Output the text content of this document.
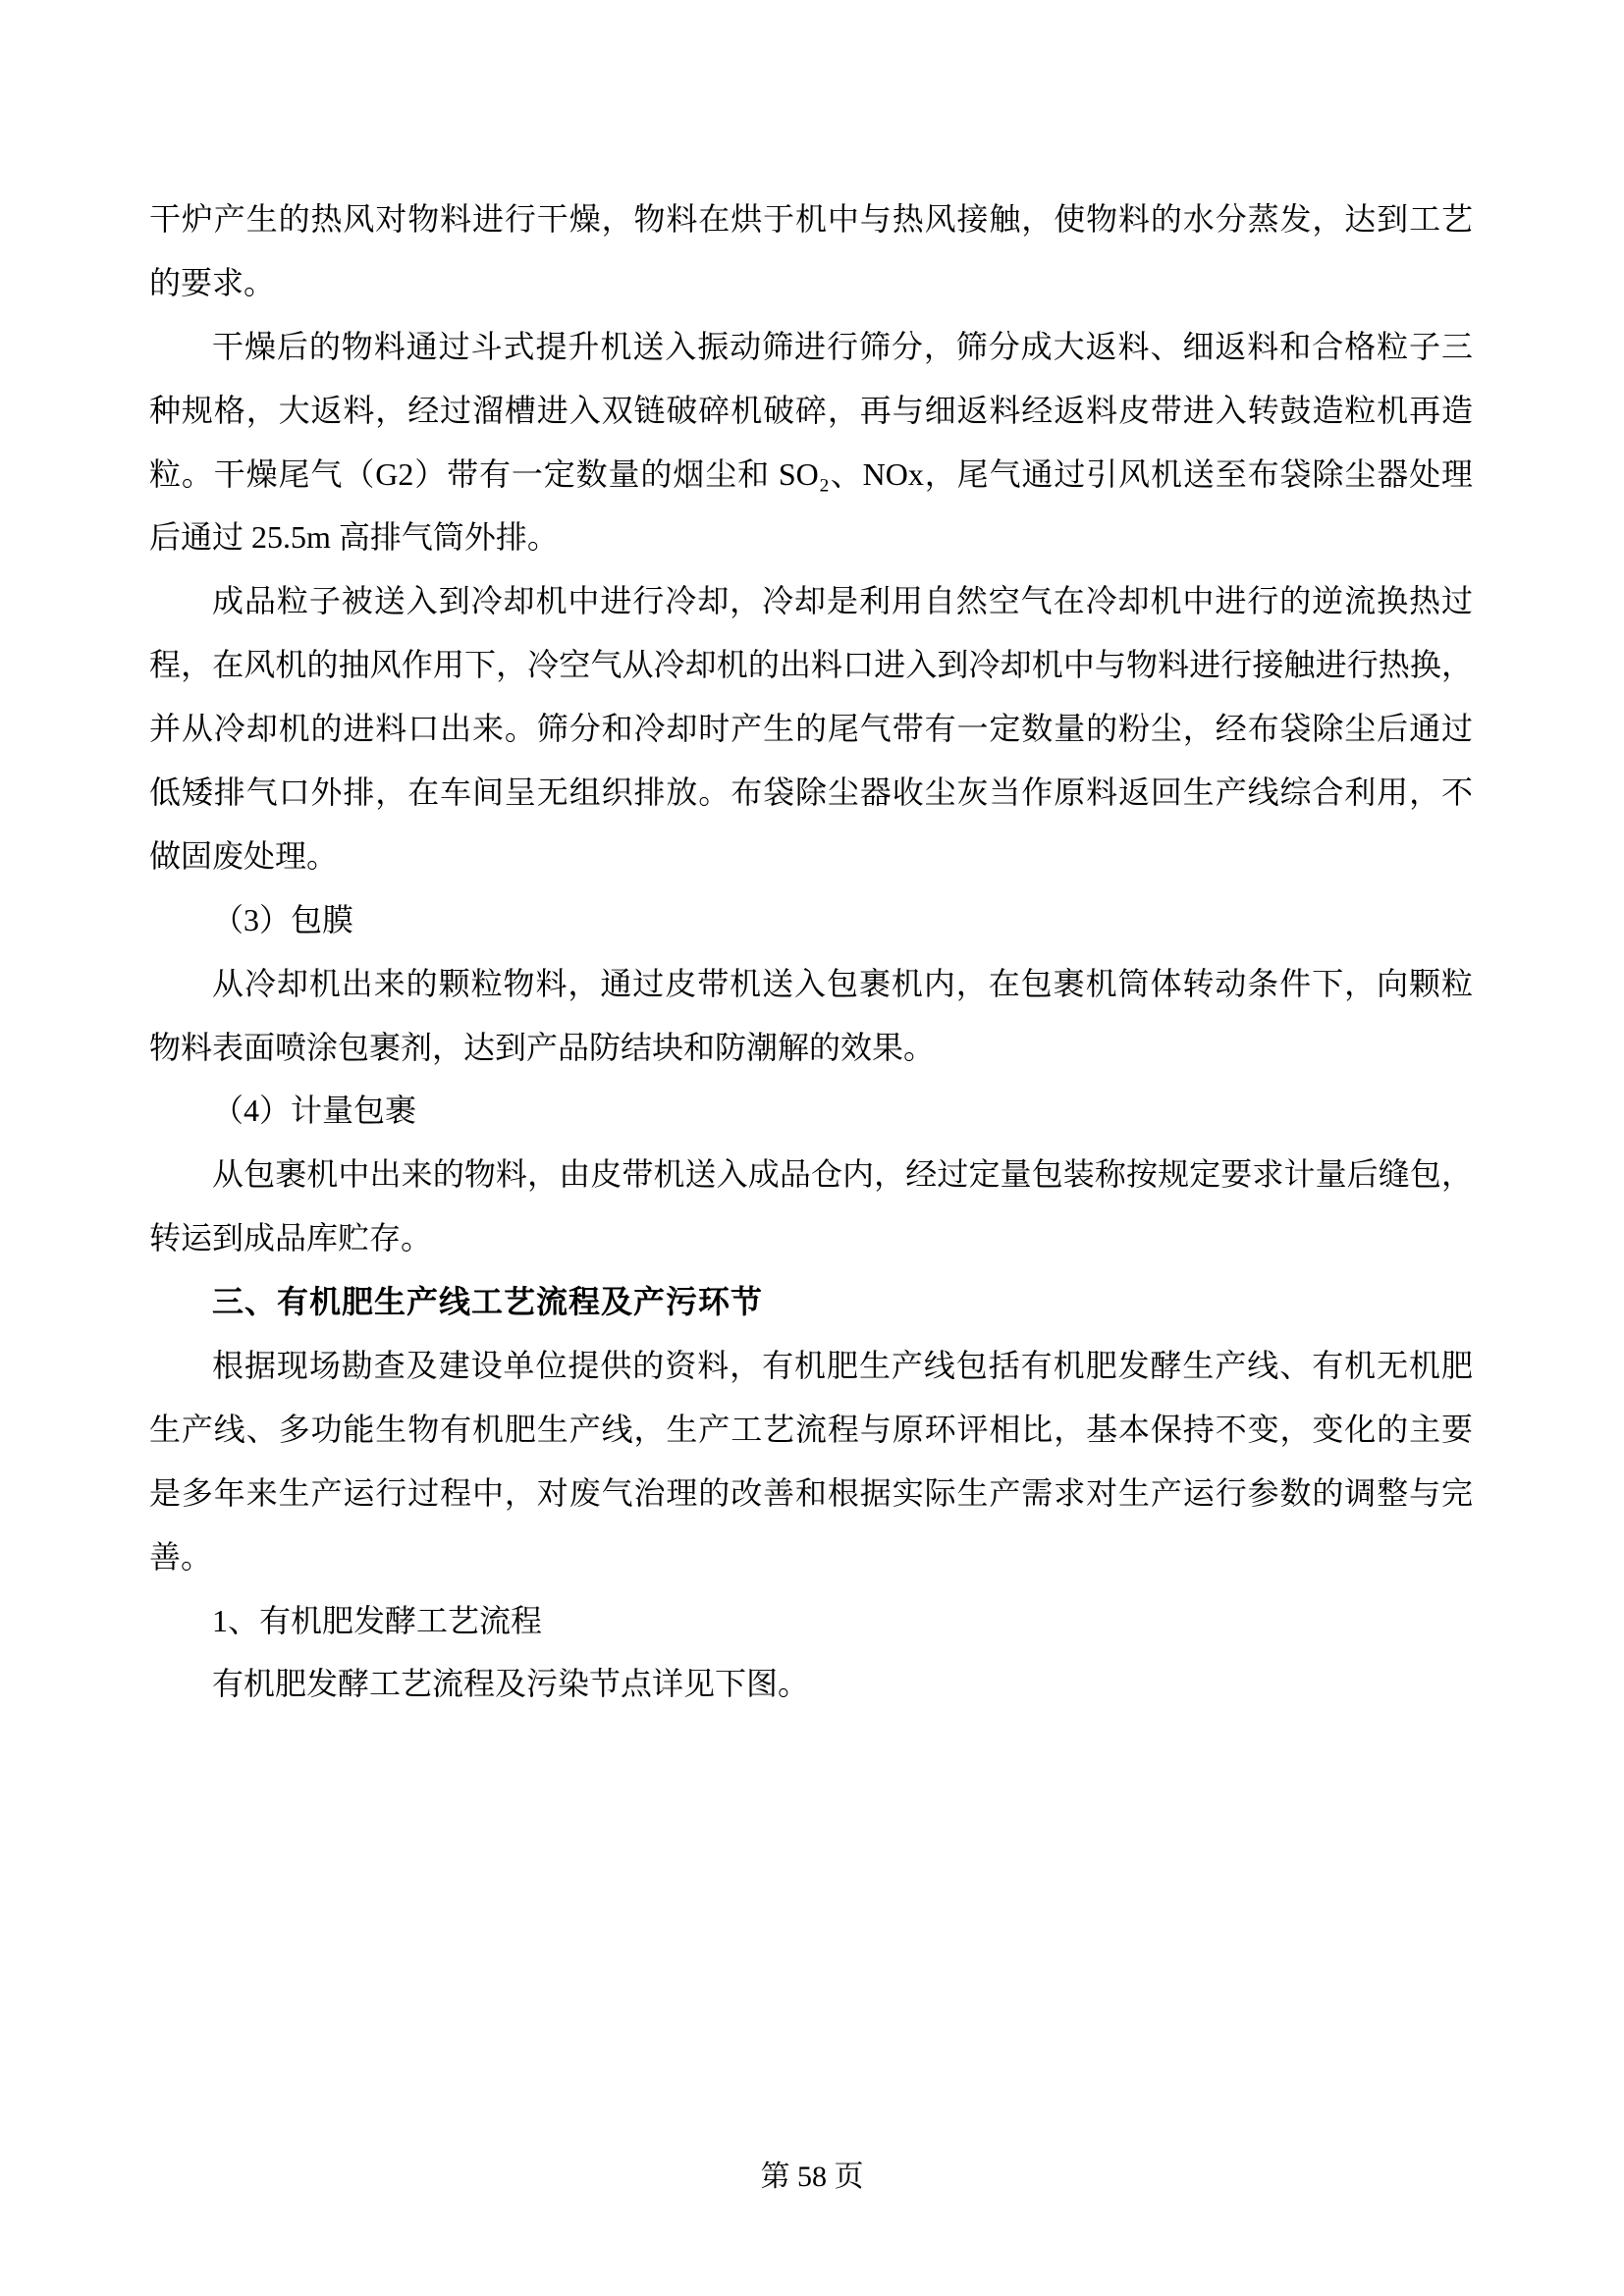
干炉产生的热风对物料进行干燥，物料在烘于机中与热风接触，使物料的水分蒸发，达到工艺
的要求。
干燥后的物料通过斗式提升机送入振动筛进行筛分，筛分成大返料、细返料和合格粒子三
种规格，大返料，经过溜槽进入双链破碎机破碎，再与细返料经返料皮带进入转鼓造粒机再造
粒。干燥尾气（G2）带有一定数量的烟尘和 SO₂、NOx，尾气通过引风机送至布袋除尘器处理
后通过 25.5m 高排气筒外排。
成品粒子被送入到冷却机中进行冷却，冷却是利用自然空气在冷却机中进行的逆流换热过
程，在风机的抽风作用下，冷空气从冷却机的出料口进入到冷却机中与物料进行接触进行热换，
并从冷却机的进料口出来。筛分和冷却时产生的尾气带有一定数量的粉尘，经布袋除尘后通过
低矮排气口外排，在车间呈无组织排放。布袋除尘器收尘灰当作原料返回生产线综合利用，不
做固废处理。
（3）包膜
从冷却机出来的颗粒物料，通过皮带机送入包裹机内，在包裹机筒体转动条件下，向颗粒
物料表面喷涂包裹剂，达到产品防结块和防潮解的效果。
（4）计量包裹
从包裹机中出来的物料，由皮带机送入成品仓内，经过定量包装称按规定要求计量后缝包，
转运到成品库贮存。
三、有机肥生产线工艺流程及产污环节
根据现场勘查及建设单位提供的资料，有机肥生产线包括有机肥发酵生产线、有机无机肥
生产线、多功能生物有机肥生产线，生产工艺流程与原环评相比，基本保持不变，变化的主要
是多年来生产运行过程中，对废气治理的改善和根据实际生产需求对生产运行参数的调整与完
善。
1、有机肥发酵工艺流程
有机肥发酵工艺流程及污染节点详见下图。
第 58 页
